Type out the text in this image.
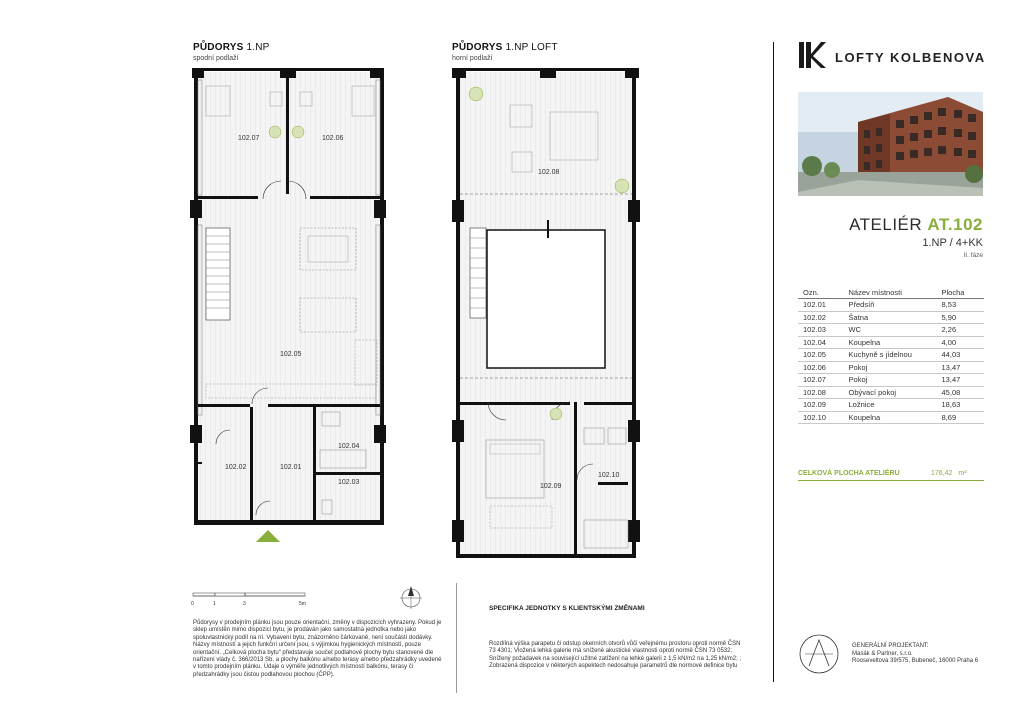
PŮDORYS 1.NP
spodní podlaží
PŮDORYS 1.NP LOFT
horní podlaží
102.07	102.06
102.05
102.04
102.03
102.02	102.01
102.08
102.09
102.10
0	1	3	5m
LOFTY KOLBENOVA
ATELIÉR AT.102
1.NP / 4+KK
II. fáze
Ozn.	Název místnosti	Plocha
102.01	Předsíň	8,53
102.02	Šatna	5,90
102.03	WC	2,26
102.04	Koupelna	4,00
102.05	Kuchyně s jídelnou	44,03
102.06	Pokoj	13,47
102.07	Pokoj	13,47
102.08	Obývací pokoj	45,08
102.09	Ložnice	18,63
102.10	Koupelna	8,69
CELKOVÁ PLOCHA ATELIÉRU	176,42 m²
Půdorysy v prodejním plánku jsou pouze orientační, změny v dispozicích vyhrazeny. Pokud je sklep umístěn mimo dispozici bytu, je prodáván jako samostatná jednotka nebo jako spoluvlastnický podíl na ní. Vybavení bytu, znázorněno čárkovaně, není součástí dodávky. Názvy místností a jejich funkční určení jsou, s výjimkou hygienických místností, pouze orientační. „Celková plocha bytu“ představuje součet podlahové plochy bytu stanovené dle nařízení vlády č. 366/2013 Sb. a plochy balkónu a/nebo terasy a/nebo předzahrádky uvedené v tomto prodejním plánku. Údaje o výměře jednotlivých místností balkónu, terasy či předzahrádky jsou čistou podlahovou plochou (ČPP).
SPECIFIKA JEDNOTKY S KLIENTSKÝMI ZMĚNAMI
Rozdílná výška parapetu či odstup okenních otvorů vůči veřejnému prostoru oproti normě ČSN 73 4301; Vložená lehká galerie má snížené akustické vlastnosti oproti normě ČSN 73 0532; Snížený požadavek na související užitné zatížení na lehké galerii z 1,5 kN/m2 na 1,25 kN/m2; ; Zobrazená dispozice v některých aspektech nedosahuje parametrů dle normové definice bytu
GENERÁLNÍ PROJEKTANT:
Masák & Partner, s.r.o.
Rooseveltova 39/575, Bubeneč, 16000 Praha 6
